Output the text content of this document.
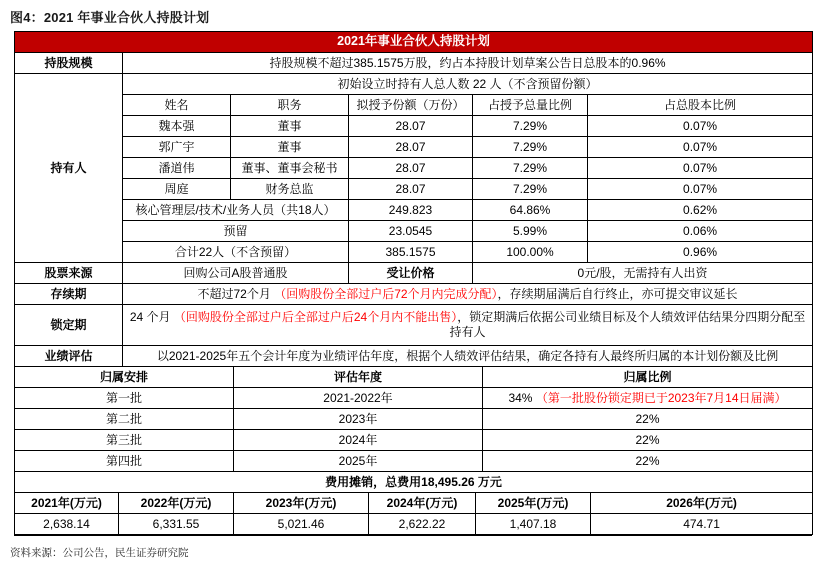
图4：2021 年事业合伙人持股计划
2021年事业合伙人持股计划					
持股规模	持股规模不超过385.1575万股，约占本持股计划草案公告日总股本的0.96%				
持有人	初始设立时持有人总人数 22 人（不含预留份额）				
	姓名	职务	拟授予份额（万份）	占授予总量比例	占总股本比例
	魏本强	董事	28.07	7.29%	0.07%
	郭广宇	董事	28.07	7.29%	0.07%
	潘道伟	董事、董事会秘书	28.07	7.29%	0.07%
	周庭	财务总监	28.07	7.29%	0.07%
	核心管理层/技术/业务人员（共18人）		249.823	64.86%	0.62%
	预留		23.0545	5.99%	0.06%
	合计22人（不含预留）		385.1575	100.00%	0.96%
股票来源	回购公司A股普通股		受让价格	0元/股，无需持有人出资	
存续期	不超过72个月 （回购股份全部过户后72个月内完成分配），存续期届满后自行终止，亦可提交审议延长				
锁定期	24 个月 （回购股份全部过户后全部过户后24个月内不能出售），锁定期满后依据公司业绩目标及个人绩效评估结果分四期分配至持有人				
业绩评估	以2021-2025年五个会计年度为业绩评估年度，根据个人绩效评估结果，确定各持有人最终所归属的本计划份额及比例				
归属安排	评估年度	归属比例
第一批	2021-2022年	34% （第一批股份锁定期已于2023年7月14日届满）
第二批	2023年	22%
第三批	2024年	22%
第四批	2025年	22%
费用摊销，总费用18,495.26 万元					
2021年(万元)	2022年(万元)	2023年(万元)	2024年(万元)	2025年(万元)	2026年(万元)
2,638.14	6,331.55	5,021.46	2,622.22	1,407.18	474.71
资料来源：公司公告，民生证券研究院
